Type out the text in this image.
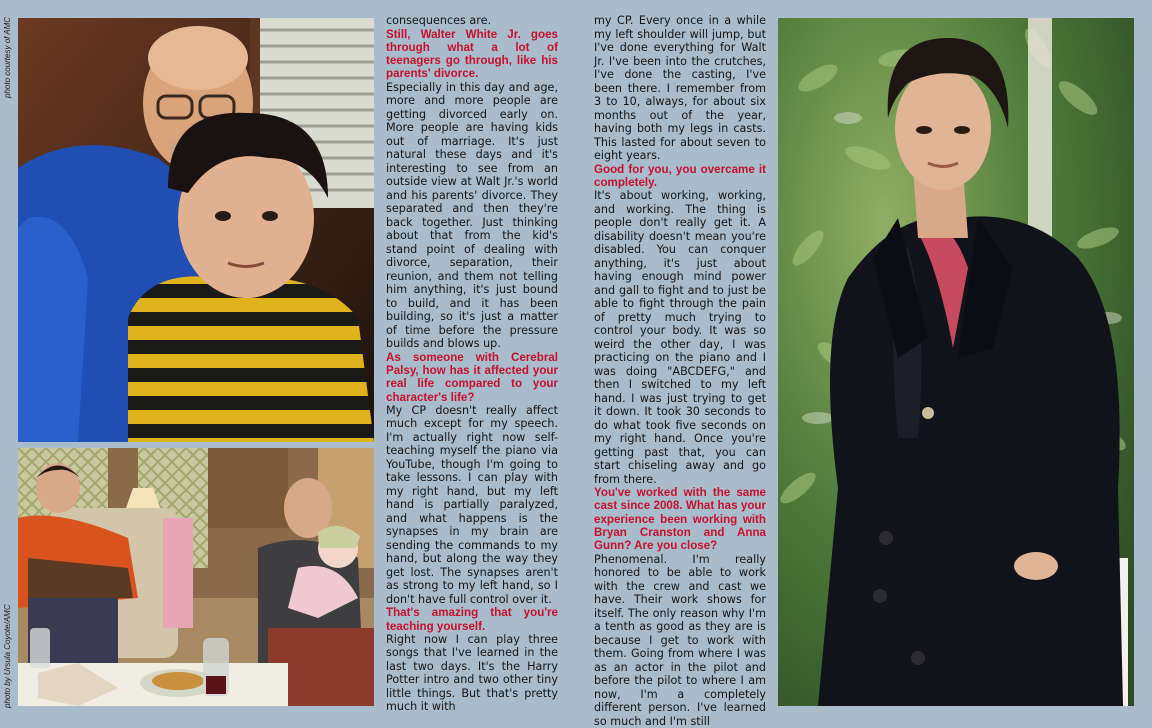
photo courtesy of AMC
photo by Ursula Coyote/AMC

consequences are.

Still, Walter White Jr. goes through what a lot of teenagers go through, like his parents' divorce.

Especially in this day and age, more and more people are getting divorced early on. More people are having kids out of marriage. It's just natural these days and it's interesting to see from an outside view at Walt Jr.'s world and his parents' divorce. They separated and then they're back together. Just thinking about that from the kid's stand point of dealing with divorce, separation, their reunion, and them not telling him anything, it's just bound to build, and it has been building, so it's just a matter of time before the pressure builds and blows up.

As someone with Cerebral Palsy, how has it affected your real life compared to your character's life?

My CP doesn't really affect much except for my speech. I'm actually right now self-teaching myself the piano via YouTube, though I'm going to take lessons. I can play with my right hand, but my left hand is partially paralyzed, and what happens is the synapses in my brain are sending the commands to my hand, but along the way they get lost. The synapses aren't as strong to my left hand, so I don't have full control over it.

That's amazing that you're teaching yourself.

Right now I can play three songs that I've learned in the last two days. It's the Harry Potter intro and two other tiny little things. But that's pretty much it with

my CP. Every once in a while my left shoulder will jump, but I've done everything for Walt Jr. I've been into the crutches, I've done the casting, I've been there. I remember from 3 to 10, always, for about six months out of the year, having both my legs in casts. This lasted for about seven to eight years.

Good for you, you overcame it completely.

It's about working, working, and working. The thing is people don't really get it. A disability doesn't mean you're disabled. You can conquer anything, it's just about having enough mind power and gall to fight and to just be able to fight through the pain of pretty much trying to control your body. It was so weird the other day, I was practicing on the piano and I was doing "ABCDEFG," and then I switched to my left hand. I was just trying to get it down. It took 30 seconds to do what took five seconds on my right hand. Once you're getting past that, you can start chiseling away and go from there.

You've worked with the same cast since 2008. What has your experience been working with Bryan Cranston and Anna Gunn? Are you close?

Phenomenal. I'm really honored to be able to work with the crew and cast we have. Their work shows for itself. The only reason why I'm a tenth as good as they are is because I get to work with them. Going from where I was as an actor in the pilot and before the pilot to where I am now, I'm a completely different person. I've learned so much and I'm still
